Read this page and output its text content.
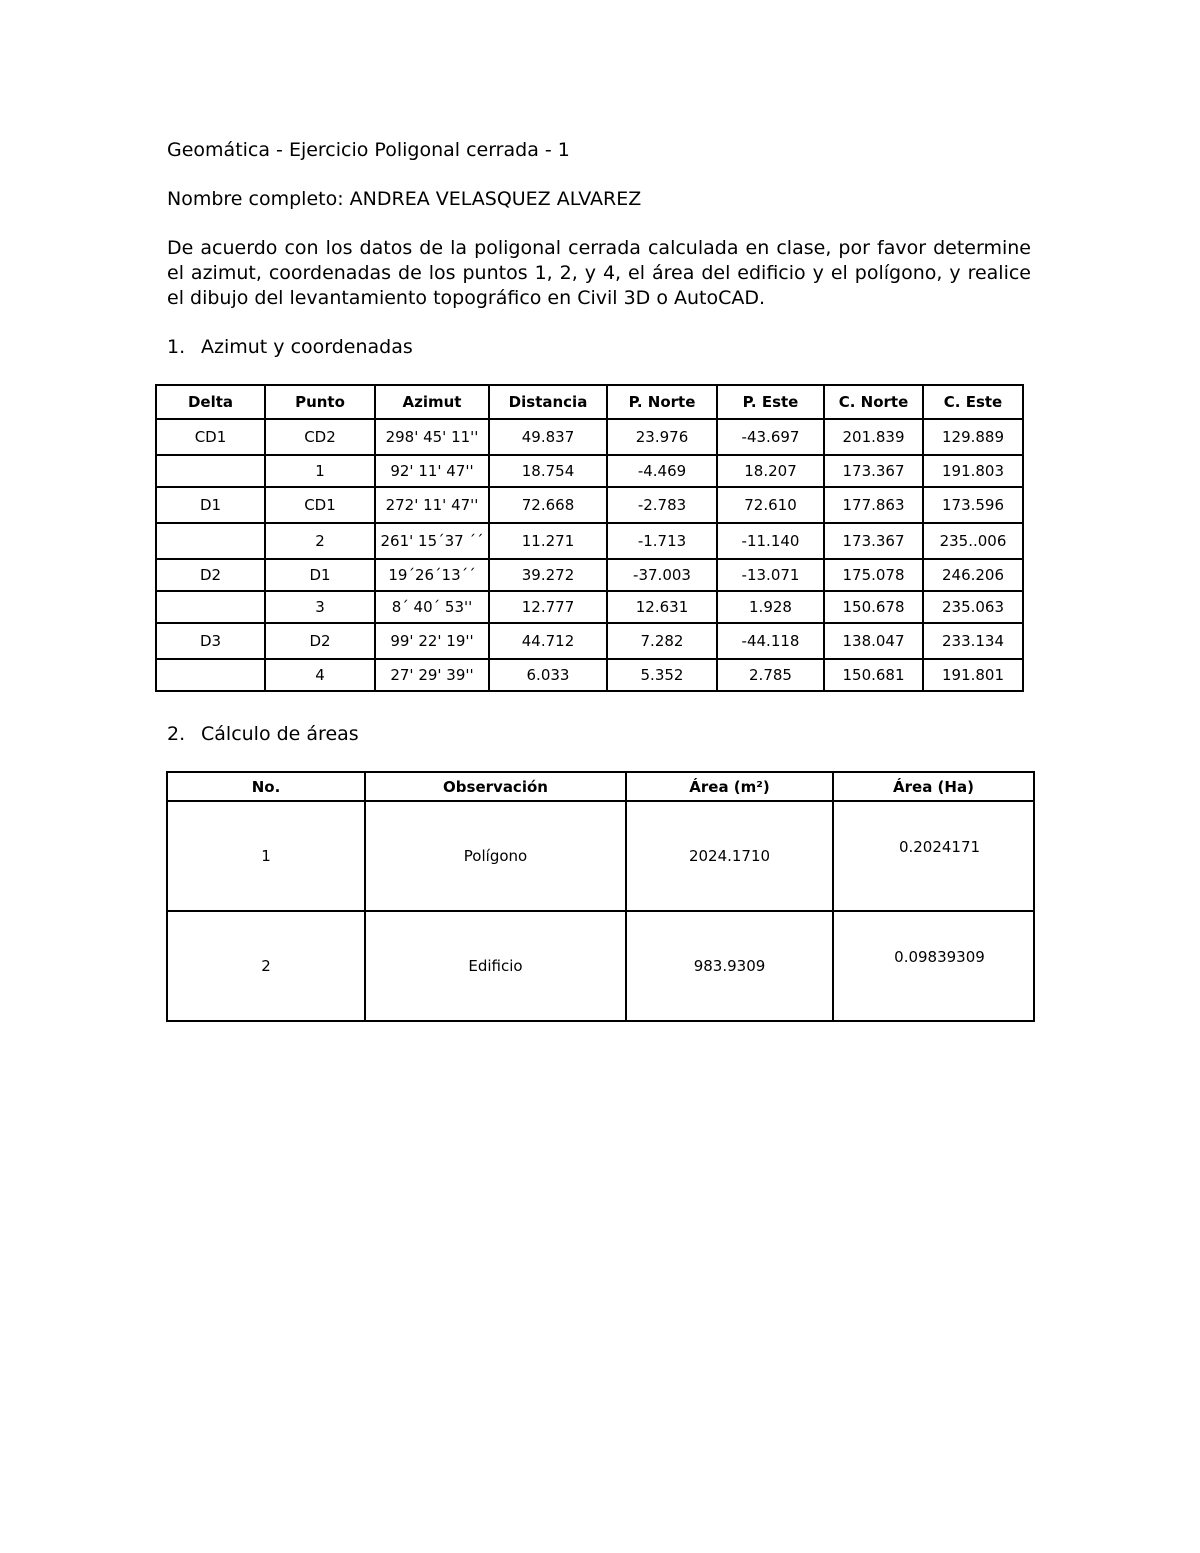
Geomática - Ejercicio Poligonal cerrada - 1

Nombre completo: ANDREA VELASQUEZ ALVAREZ

De acuerdo con los datos de la poligonal cerrada calculada en clase, por favor determine el azimut, coordenadas de los puntos 1, 2, y 4, el área del edificio y el polígono, y realice el dibujo del levantamiento topográfico en Civil 3D o AutoCAD.

1. Azimut y coordenadas
Delta	Punto	Azimut	Distancia	P. Norte	P. Este	C. Norte	C. Este
CD1	CD2	298' 45' 11''	49.837	23.976	-43.697	201.839	129.889
	1	92' 11' 47''	18.754	-4.469	18.207	173.367	191.803
D1	CD1	272' 11' 47''	72.668	-2.783	72.610	177.863	173.596
	2	261' 15´37 ´´	11.271	-1.713	-11.140	173.367	235..006
D2	D1	19´26´13´´	39.272	-37.003	-13.071	175.078	246.206
	3	8´ 40´ 53''	12.777	12.631	1.928	150.678	235.063
D3	D2	99' 22' 19''	44.712	7.282	-44.118	138.047	233.134
	4	27' 29' 39''	6.033	5.352	2.785	150.681	191.801
2. Cálculo de áreas
No.	Observación	Área (m²)	Área (Ha)
1	Polígono	2024.1710	0.2024171
2	Edificio	983.9309	0.09839309
